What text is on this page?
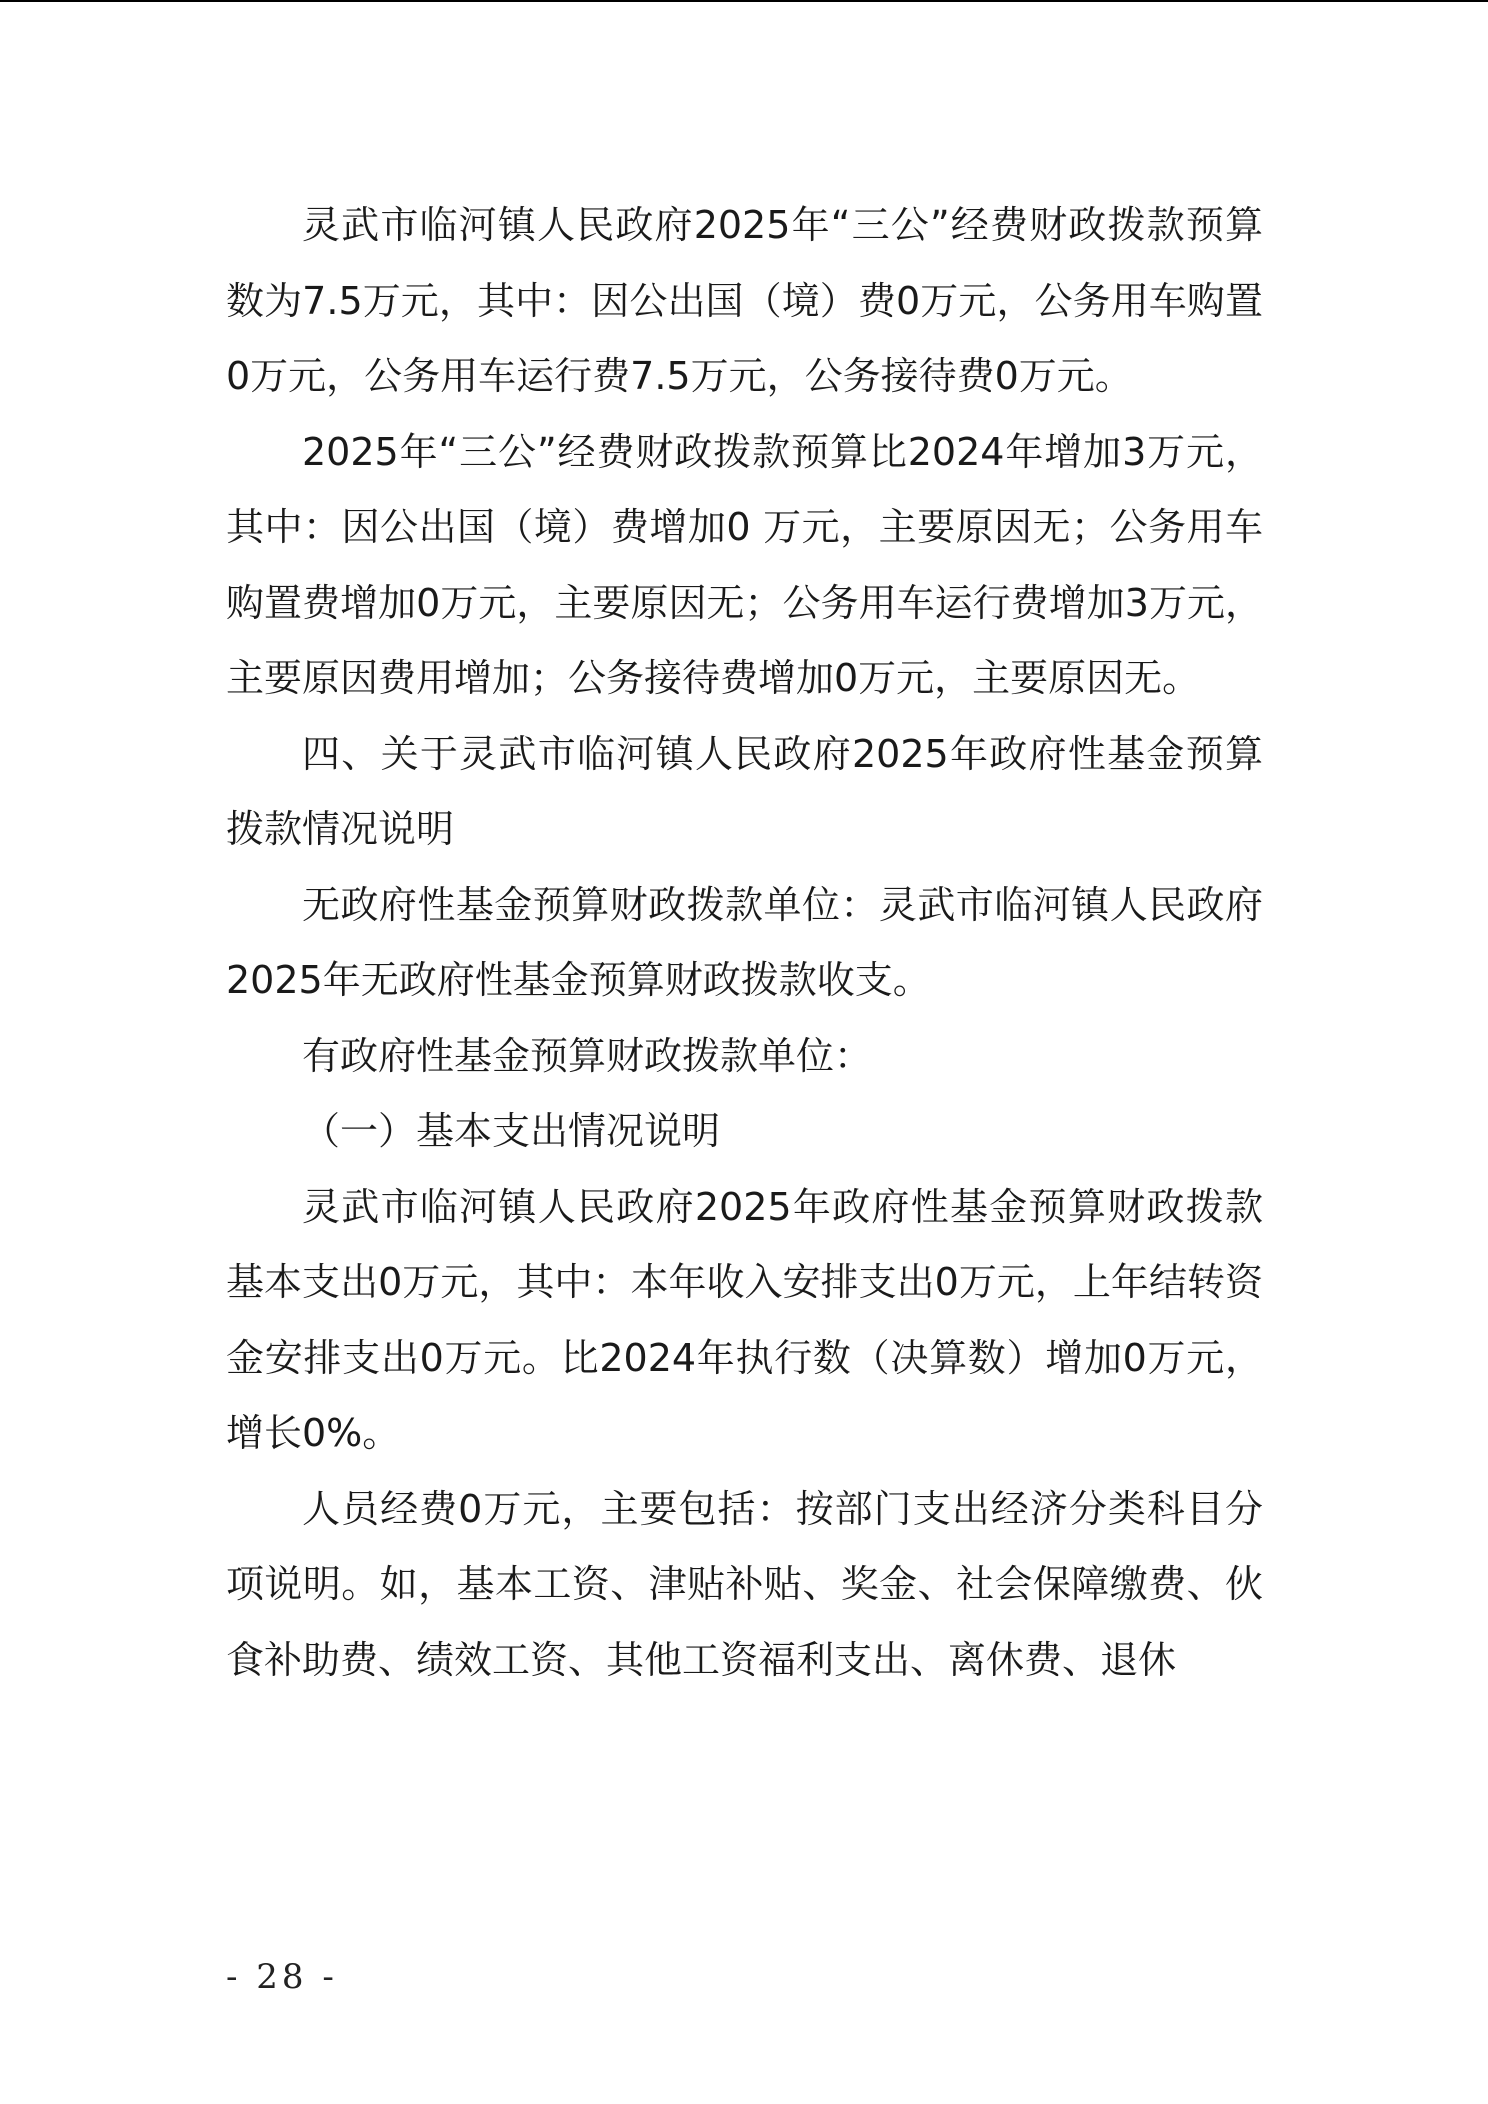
灵武市临河镇人民政府2025年“三公”经费财政拨款预算数为7.5万元，其中：因公出国（境）费0万元，公务用车购置0万元，公务用车运行费7.5万元，公务接待费0万元。

2025年“三公”经费财政拨款预算比2024年增加3万元，其中：因公出国（境）费增加0 万元，主要原因无；公务用车购置费增加0万元，主要原因无；公务用车运行费增加3万元，主要原因费用增加；公务接待费增加0万元，主要原因无。

四、关于灵武市临河镇人民政府2025年政府性基金预算拨款情况说明

无政府性基金预算财政拨款单位：灵武市临河镇人民政府2025年无政府性基金预算财政拨款收支。

有政府性基金预算财政拨款单位：

（一）基本支出情况说明

灵武市临河镇人民政府2025年政府性基金预算财政拨款基本支出0万元，其中：本年收入安排支出0万元，上年结转资金安排支出0万元。比2024年执行数（决算数）增加0万元，增长0%。

人员经费0万元，主要包括：按部门支出经济分类科目分项说明。如，基本工资、津贴补贴、奖金、社会保障缴费、伙食补助费、绩效工资、其他工资福利支出、离休费、退休

- 28 -
